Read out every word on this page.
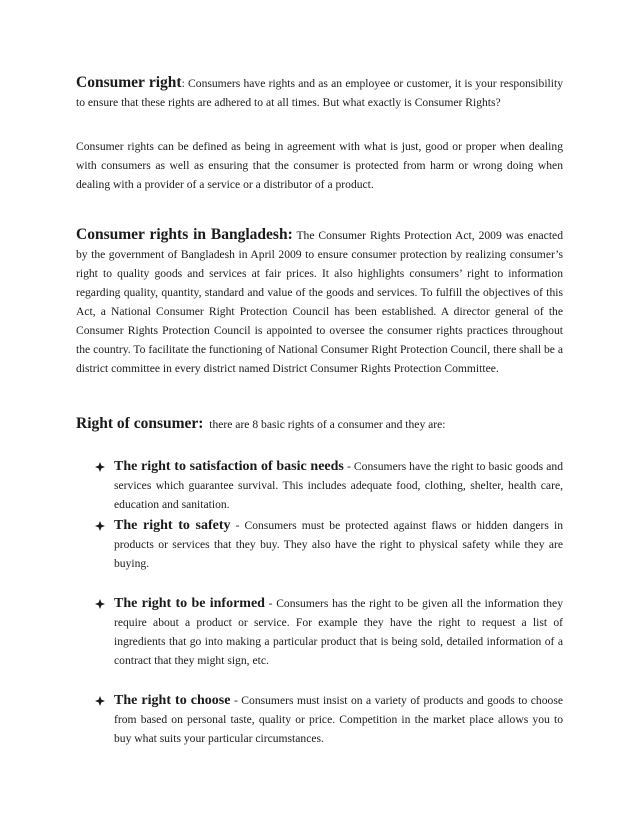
Consumer right: Consumers have rights and as an employee or customer, it is your responsibility to ensure that these rights are adhered to at all times. But what exactly is Consumer Rights?

Consumer rights can be defined as being in agreement with what is just, good or proper when dealing with consumers as well as ensuring that the consumer is protected from harm or wrong doing when dealing with a provider of a service or a distributor of a product.

Consumer rights in Bangladesh: The Consumer Rights Protection Act, 2009 was enacted by the government of Bangladesh in April 2009 to ensure consumer protection by realizing consumer’s right to quality goods and services at fair prices. It also highlights consumers’ right to information regarding quality, quantity, standard and value of the goods and services. To fulfill the objectives of this Act, a National Consumer Right Protection Council has been established. A director general of the Consumer Rights Protection Council is appointed to oversee the consumer rights practices throughout the country. To facilitate the functioning of National Consumer Right Protection Council, there shall be a district committee in every district named District Consumer Rights Protection Committee.

Right of consumer: there are 8 basic rights of a consumer and they are:

The right to satisfaction of basic needs - Consumers have the right to basic goods and services which guarantee survival. This includes adequate food, clothing, shelter, health care, education and sanitation.
The right to safety - Consumers must be protected against flaws or hidden dangers in products or services that they buy. They also have the right to physical safety while they are buying.
The right to be informed - Consumers has the right to be given all the information they require about a product or service. For example they have the right to request a list of ingredients that go into making a particular product that is being sold, detailed information of a contract that they might sign, etc.
The right to choose - Consumers must insist on a variety of products and goods to choose from based on personal taste, quality or price. Competition in the market place allows you to buy what suits your particular circumstances.
